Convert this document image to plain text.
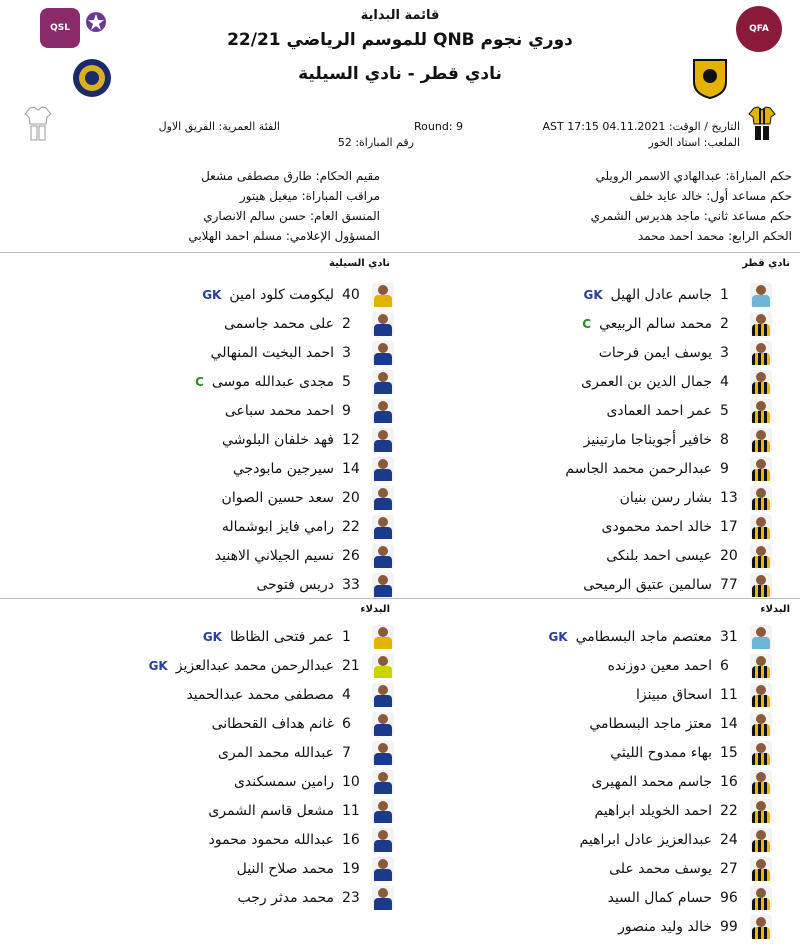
QSL	QFA
قائمة البداية
دوري نجوم QNB للموسم الرياضي 22/21
نادي قطر - نادي السيلية
التاريخ / الوقت: 04.11.2021 17:15 AST
Round: 9
الفئة العمرية: الفريق الاول
الملعب: استاد الخور
رقم المباراة: 52
حكم المباراة: عبدالهادي الاسمر الرويلي
حكم مساعد أول: خالد عايد خلف
حكم مساعد ثاني: ماجد هديرس الشمري
الحكم الرابع: محمد احمد محمد
مقيم الحكام: طارق مصطفى مشعل
مراقب المباراة: ميغيل هيتور
المنسق العام: حسن سالم الانصاري
المسؤول الإعلامي: مسلم احمد الهلابي
نادي قطر
نادي السيلية
البدلاء
البدلاء
1
جاسم عادل الهيل
GK
2
محمد سالم الربيعي
C
3
يوسف ايمن فرحات
4
جمال الدين بن العمرى
5
عمر احمد العمادى
8
خافير أجويناجا مارتينيز
9
عبدالرحمن محمد الجاسم
13
بشار رسن بنيان
17
خالد احمد محمودى
20
عيسى احمد بلنكى
77
سالمين عتيق الرميحى
40
ليكومت كلود امين
GK
2
على محمد جاسمى
3
احمد البخيت المنهالي
5
مجدى عبدالله موسى
C
9
احمد محمد سباعى
12
فهد خلفان البلوشي
14
سيرجين مابودجي
20
سعد حسين الصوان
22
رامي فايز ابوشماله
26
نسيم الجيلاني الاهنيد
33
دريس فتوحى
31
معتصم ماجد البسطامي
GK
6
احمد معين دوزنده
11
اسحاق مبينزا
14
معتز ماجد البسطامي
15
بهاء ممدوح الليثي
16
جاسم محمد المهيرى
22
احمد الخويلد ابراهيم
24
عبدالعزيز عادل ابراهيم
27
يوسف محمد على
96
حسام كمال السيد
99
خالد وليد منصور
1
عمر فتحى الظاظا
GK
21
عبدالرحمن محمد عبدالعزيز
GK
4
مصطفى محمد عبدالحميد
6
غانم هداف القحطانى
7
عبدالله محمد المرى
10
رامين سمسكندى
11
مشعل قاسم الشمرى
16
عبدالله محمود محمود
19
محمد صلاح النيل
23
محمد مدثر رجب
